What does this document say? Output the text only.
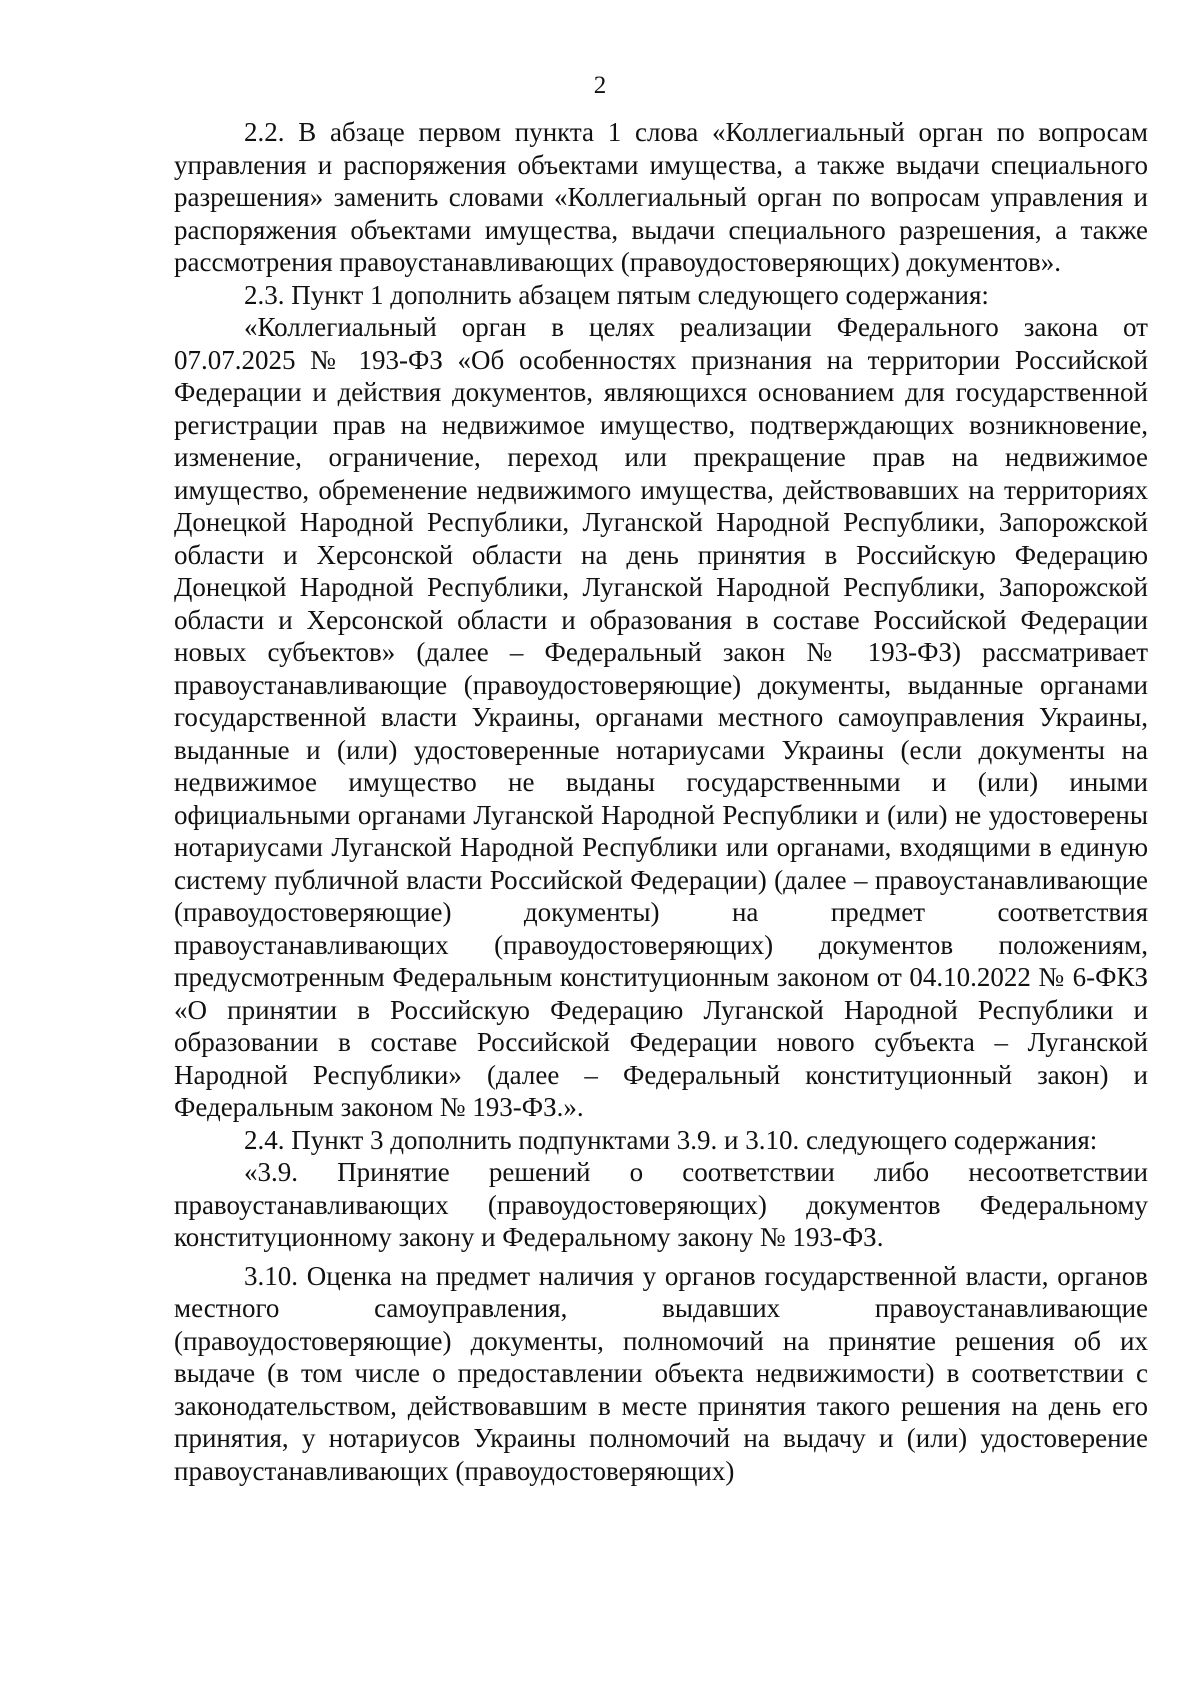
2

2.2. В абзаце первом пункта 1 слова «Коллегиальный орган по вопросам управления и распоряжения объектами имущества, а также выдачи специального разрешения» заменить словами «Коллегиальный орган по вопросам управления и распоряжения объектами имущества, выдачи специального разрешения, а также рассмотрения правоустанавливающих (правоудостоверяющих) документов».

2.3. Пункт 1 дополнить абзацем пятым следующего содержания:

«Коллегиальный орган в целях реализации Федерального закона от 07.07.2025 № 193-ФЗ «Об особенностях признания на территории Российской Федерации и действия документов, являющихся основанием для государственной регистрации прав на недвижимое имущество, подтверждающих возникновение, изменение, ограничение, переход или прекращение прав на недвижимое имущество, обременение недвижимого имущества, действовавших на территориях Донецкой Народной Республики, Луганской Народной Республики, Запорожской области и Херсонской области на день принятия в Российскую Федерацию Донецкой Народной Республики, Луганской Народной Республики, Запорожской области и Херсонской области и образования в составе Российской Федерации новых субъектов» (далее – Федеральный закон № 193-ФЗ) рассматривает правоустанавливающие (правоудостоверяющие) документы, выданные органами государственной власти Украины, органами местного самоуправления Украины, выданные и (или) удостоверенные нотариусами Украины (если документы на недвижимое имущество не выданы государственными и (или) иными официальными органами Луганской Народной Республики и (или) не удостоверены нотариусами Луганской Народной Республики или органами, входящими в единую систему публичной власти Российской Федерации) (далее – правоустанавливающие (правоудостоверяющие) документы) на предмет соответствия правоустанавливающих (правоудостоверяющих) документов положениям, предусмотренным Федеральным конституционным законом от 04.10.2022 № 6-ФКЗ «О принятии в Российскую Федерацию Луганской Народной Республики и образовании в составе Российской Федерации нового субъекта – Луганской Народной Республики» (далее – Федеральный конституционный закон) и Федеральным законом № 193-ФЗ.».

2.4. Пункт 3 дополнить подпунктами 3.9. и 3.10. следующего содержания:

«3.9. Принятие решений о соответствии либо несоответствии правоустанавливающих (правоудостоверяющих) документов Федеральному конституционному закону и Федеральному закону № 193-ФЗ.

3.10. Оценка на предмет наличия у органов государственной власти, органов местного самоуправления, выдавших правоустанавливающие (правоудостоверяющие) документы, полномочий на принятие решения об их выдаче (в том числе о предоставлении объекта недвижимости) в соответствии с законодательством, действовавшим в месте принятия такого решения на день его принятия, у нотариусов Украины полномочий на выдачу и (или) удостоверение правоустанавливающих (правоудостоверяющих)
